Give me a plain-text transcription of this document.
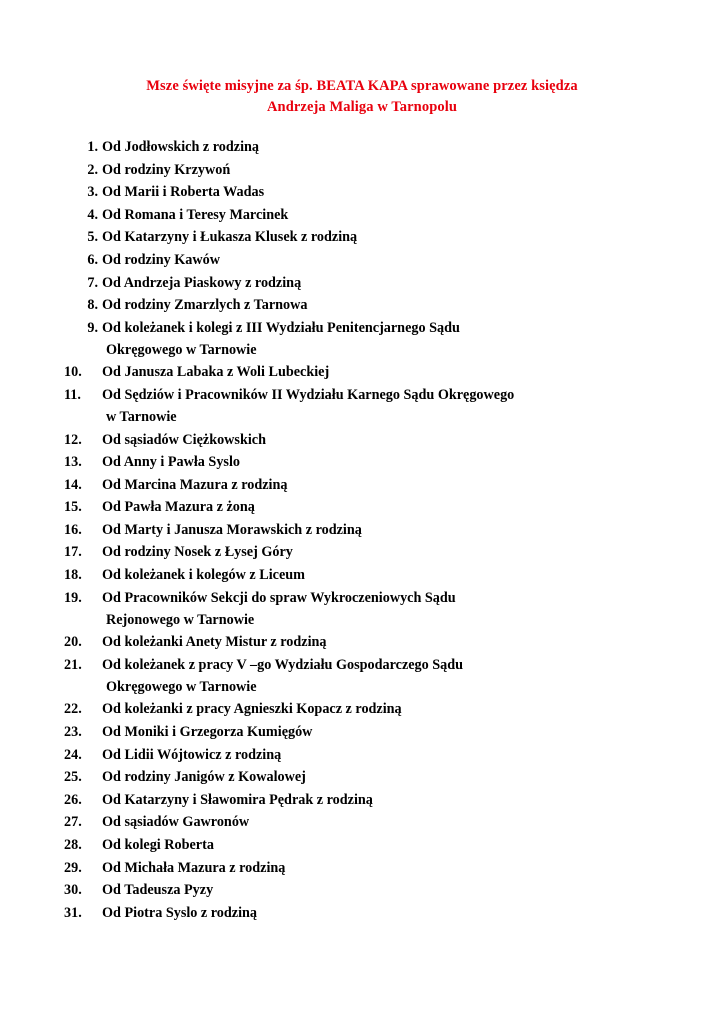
Msze święte misyjne za śp. BEATA KAPA sprawowane przez księdza
Andrzeja Maliga w Tarnopolu
1. Od Jodłowskich z rodziną
2. Od rodziny Krzywoń
3. Od Marii i Roberta Wadas
4. Od Romana i Teresy Marcinek
5. Od Katarzyny i Łukasza Klusek z rodziną
6. Od rodziny Kawów
7. Od Andrzeja Piaskowy z rodziną
8. Od rodziny Zmarzlych z Tarnowa
9. Od koleżanek i kolegi z III Wydziału Penitencjarnego Sądu
Okręgowego w Tarnowie
10.	Od Janusza Labaka z Woli Lubeckiej
11.	Od Sędziów i Pracowników II Wydziału Karnego Sądu Okręgowego
w Tarnowie
12.	Od sąsiadów Ciężkowskich
13.	Od Anny i Pawła Syslo
14.	Od Marcina Mazura z rodziną
15.	Od Pawła Mazura z żoną
16.	Od Marty i Janusza Morawskich z rodziną
17.	Od rodziny Nosek z Łysej Góry
18.	Od koleżanek i kolegów z Liceum
19.	Od Pracowników Sekcji do spraw Wykroczeniowych Sądu
Rejonowego w Tarnowie
20.	Od koleżanki Anety Mistur z rodziną
21.	Od koleżanek z pracy V –go Wydziału Gospodarczego Sądu
Okręgowego w Tarnowie
22.	Od koleżanki z pracy Agnieszki Kopacz z rodziną
23.	Od Moniki i Grzegorza Kumięgów
24.	Od Lidii Wójtowicz z rodziną
25.	Od rodziny Janigów z Kowalowej
26.	Od Katarzyny i Sławomira Pędrak z rodziną
27.	Od sąsiadów Gawronów
28.	Od kolegi Roberta
29.	Od Michała Mazura z rodziną
30.	Od Tadeusza Pyzy
31.	Od Piotra Syslo z rodziną
